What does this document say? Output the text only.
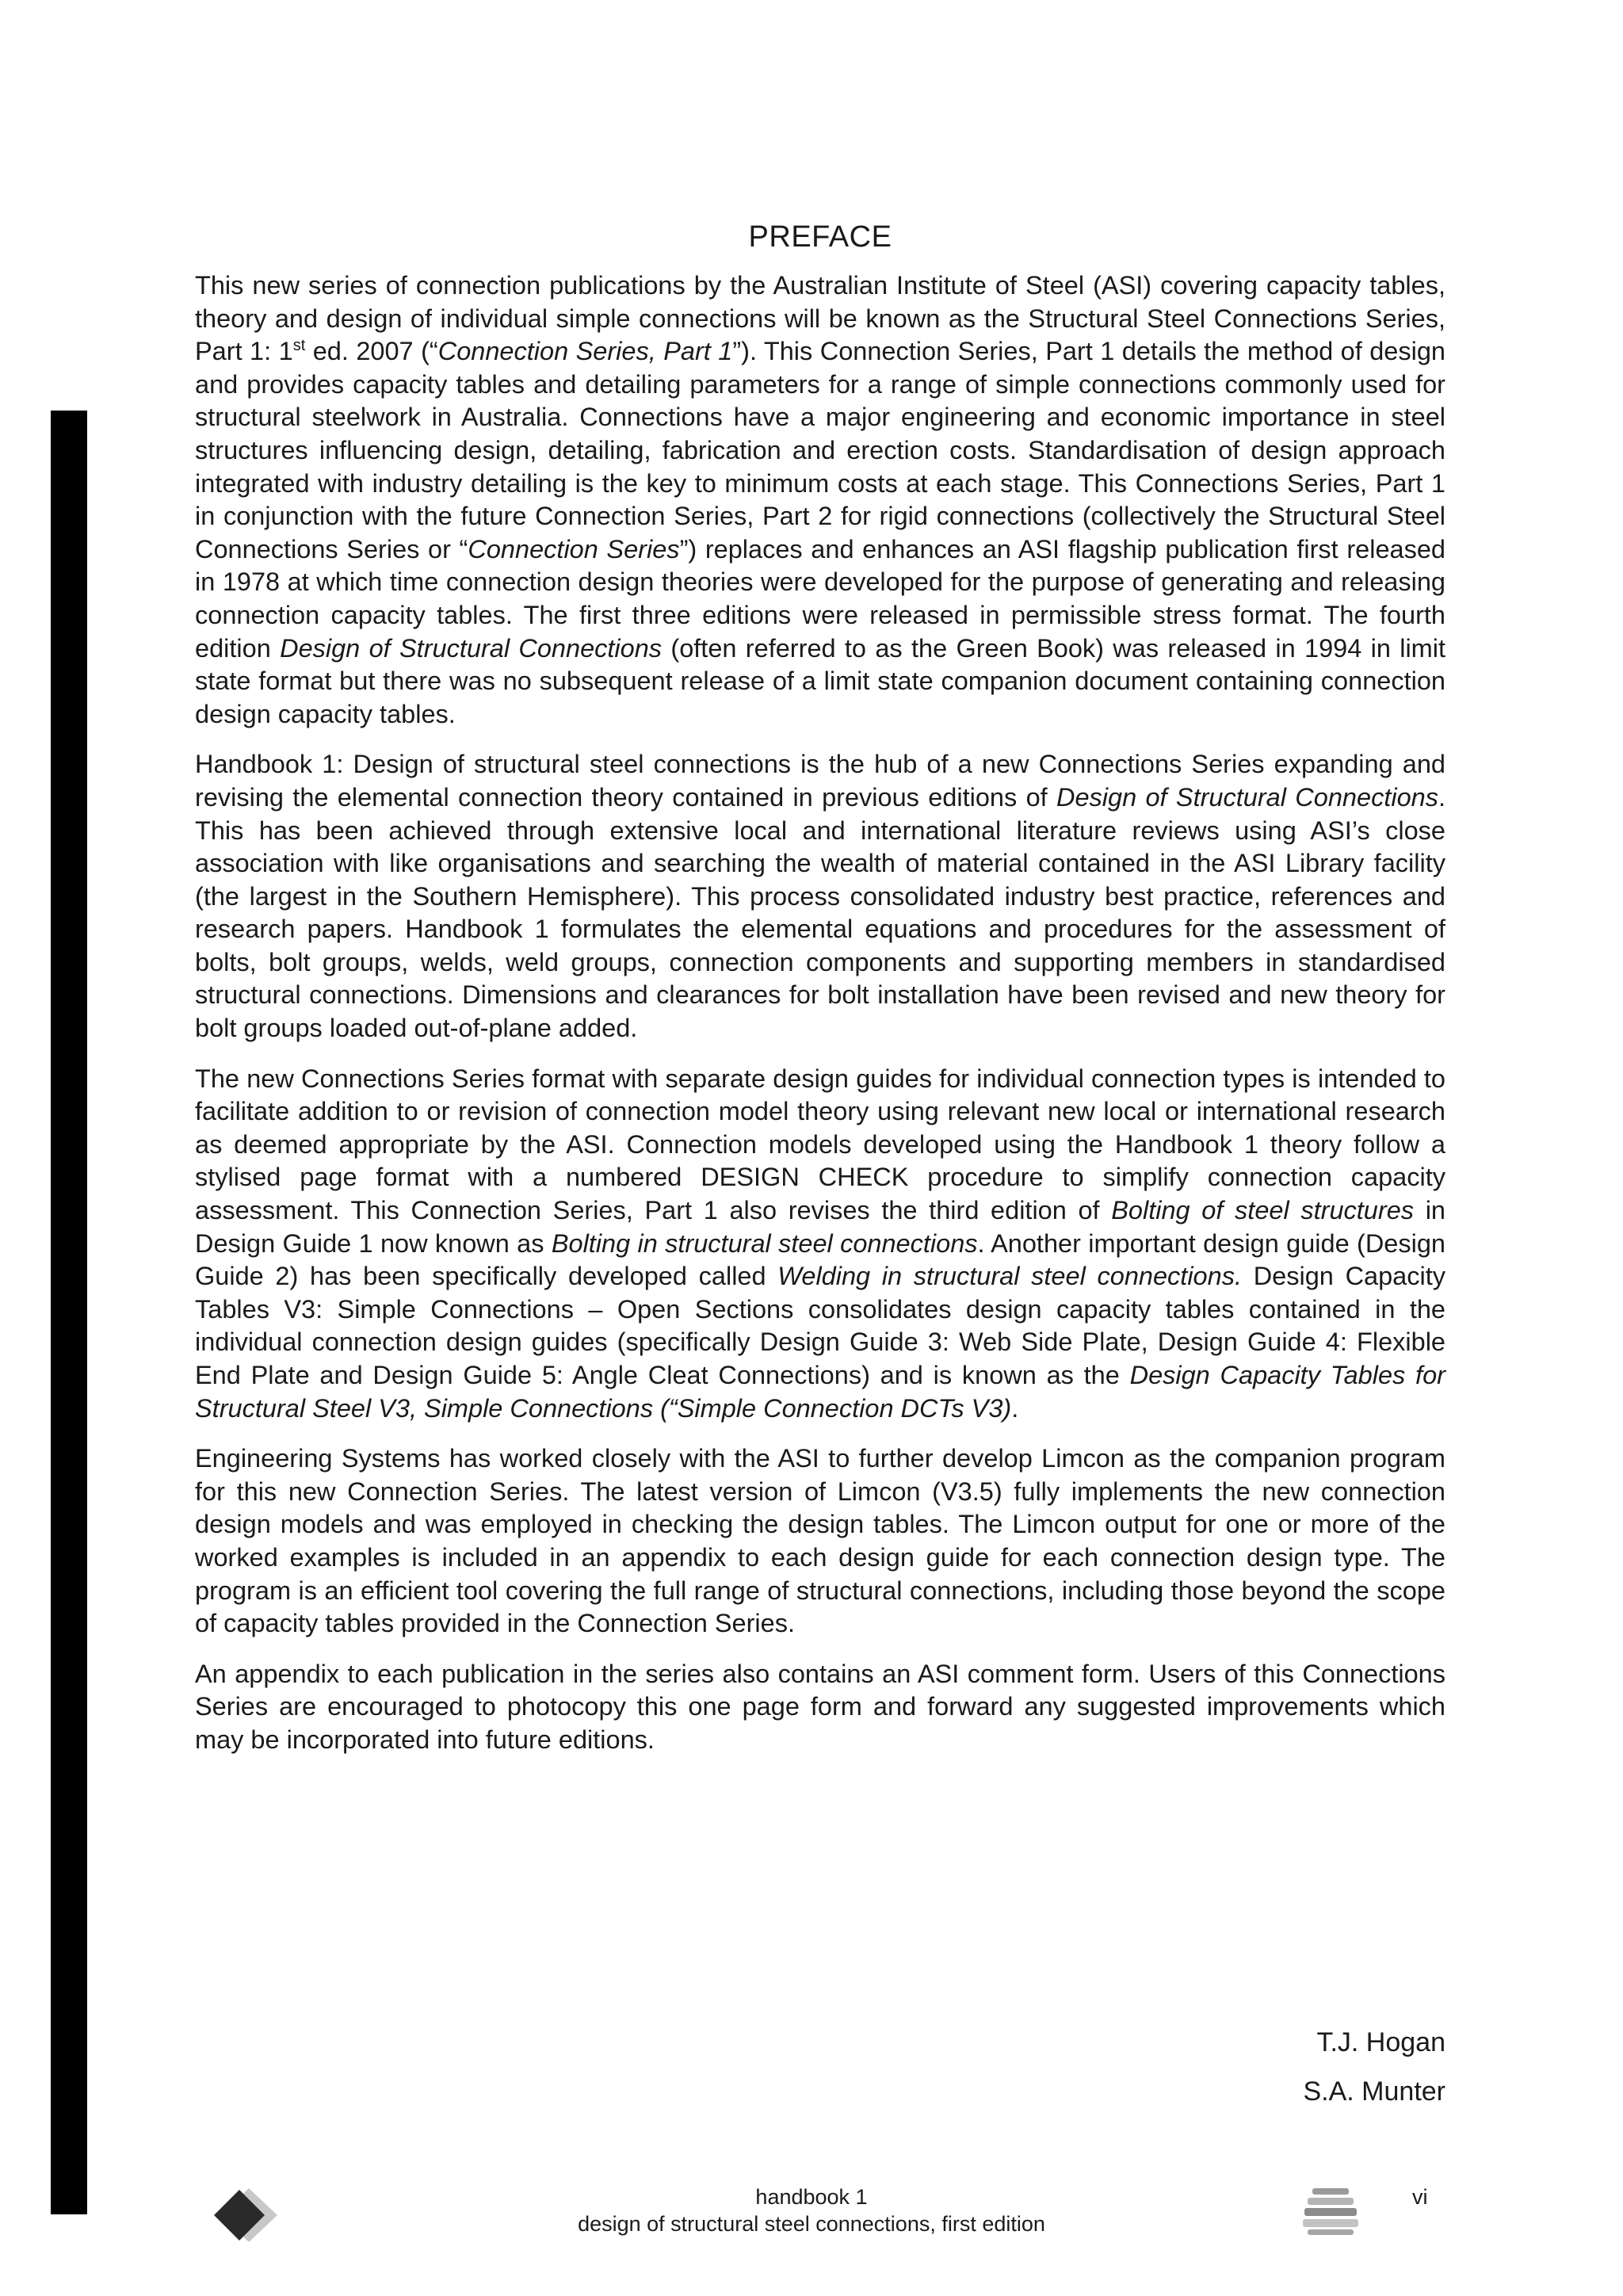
PREFACE

This new series of connection publications by the Australian Institute of Steel (ASI) covering capacity tables, theory and design of individual simple connections will be known as the Structural Steel Connections Series, Part 1: 1st ed. 2007 (“Connection Series, Part 1”). This Connection Series, Part 1 details the method of design and provides capacity tables and detailing parameters for a range of simple connections commonly used for structural steelwork in Australia. Connections have a major engineering and economic importance in steel structures influencing design, detailing, fabrication and erection costs. Standardisation of design approach integrated with industry detailing is the key to minimum costs at each stage. This Connections Series, Part 1 in conjunction with the future Connection Series, Part 2 for rigid connections (collectively the Structural Steel Connections Series or “Connection Series”) replaces and enhances an ASI flagship publication first released in 1978 at which time connection design theories were developed for the purpose of generating and releasing connection capacity tables. The first three editions were released in permissible stress format. The fourth edition Design of Structural Connections (often referred to as the Green Book) was released in 1994 in limit state format but there was no subsequent release of a limit state companion document containing connection design capacity tables.

Handbook 1: Design of structural steel connections is the hub of a new Connections Series expanding and revising the elemental connection theory contained in previous editions of Design of Structural Connections. This has been achieved through extensive local and international literature reviews using ASI’s close association with like organisations and searching the wealth of material contained in the ASI Library facility (the largest in the Southern Hemisphere). This process consolidated industry best practice, references and research papers. Handbook 1 formulates the elemental equations and procedures for the assessment of bolts, bolt groups, welds, weld groups, connection components and supporting members in standardised structural connections. Dimensions and clearances for bolt installation have been revised and new theory for bolt groups loaded out-of-plane added.

The new Connections Series format with separate design guides for individual connection types is intended to facilitate addition to or revision of connection model theory using relevant new local or international research as deemed appropriate by the ASI. Connection models developed using the Handbook 1 theory follow a stylised page format with a numbered DESIGN CHECK procedure to simplify connection capacity assessment. This Connection Series, Part 1 also revises the third edition of Bolting of steel structures in Design Guide 1 now known as Bolting in structural steel connections. Another important design guide (Design Guide 2) has been specifically developed called Welding in structural steel connections. Design Capacity Tables V3: Simple Connections – Open Sections consolidates design capacity tables contained in the individual connection design guides (specifically Design Guide 3: Web Side Plate, Design Guide 4: Flexible End Plate and Design Guide 5: Angle Cleat Connections) and is known as the Design Capacity Tables for Structural Steel V3, Simple Connections (“Simple Connection DCTs V3).

Engineering Systems has worked closely with the ASI to further develop Limcon as the companion program for this new Connection Series. The latest version of Limcon (V3.5) fully implements the new connection design models and was employed in checking the design tables. The Limcon output for one or more of the worked examples is included in an appendix to each design guide for each connection design type. The program is an efficient tool covering the full range of structural connections, including those beyond the scope of capacity tables provided in the Connection Series.

An appendix to each publication in the series also contains an ASI comment form. Users of this Connections Series are encouraged to photocopy this one page form and forward any suggested improvements which may be incorporated into future editions.

T.J. Hogan
S.A. Munter
handbook 1
design of structural steel connections, first edition
vi
